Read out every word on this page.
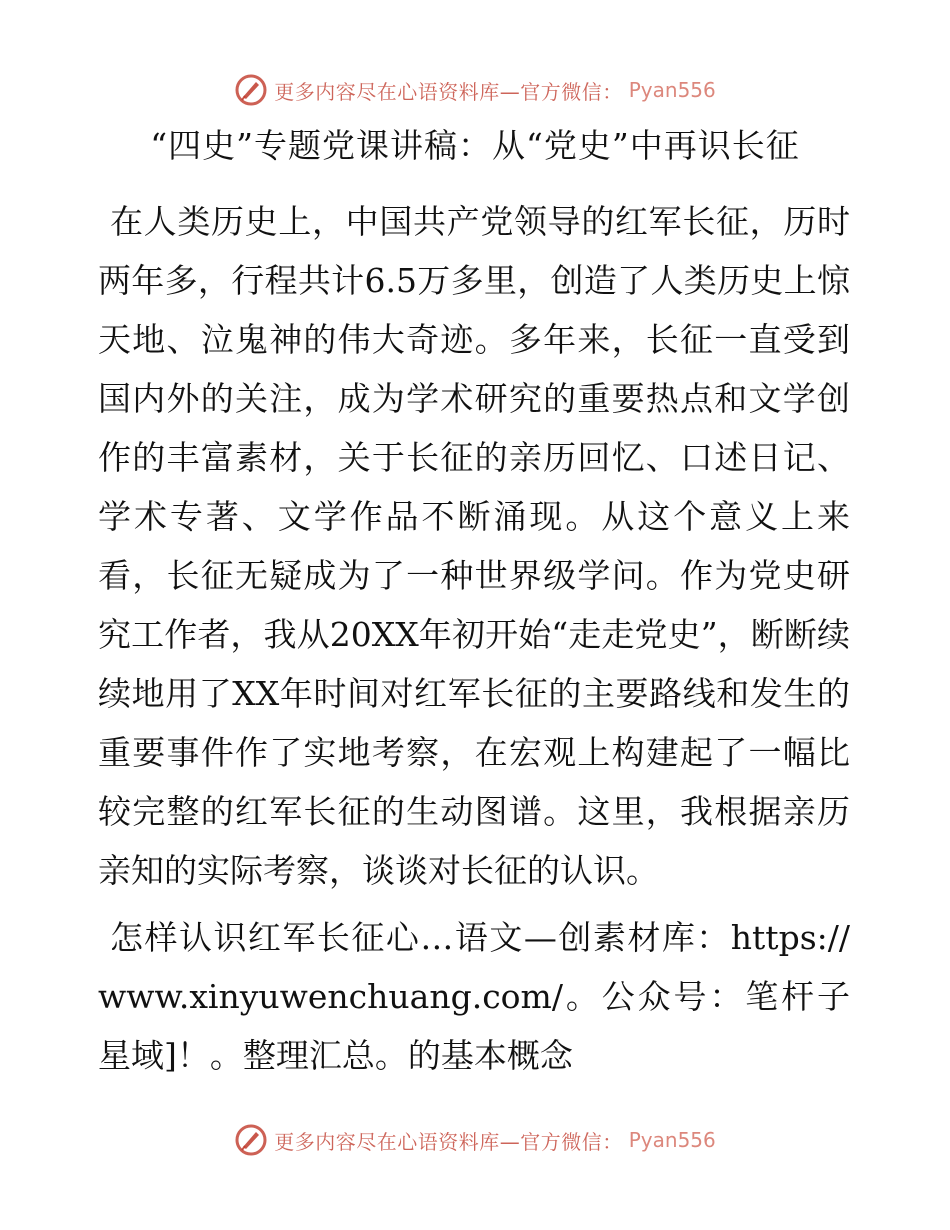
更多内容尽在心语资料库—官方微信： Pyan556
“四史”专题党课讲稿：从“党史”中再识长征
在人类历史上，中国共产党领导的红军长征，历时两年多，行程共计6.5万多里，创造了人类历史上惊天地、泣鬼神的伟大奇迹。多年来，长征一直受到国内外的关注，成为学术研究的重要热点和文学创作的丰富素材，关于长征的亲历回忆、口述日记、学术专著、文学作品不断涌现。从这个意义上来看，长征无疑成为了一种世界级学问。作为党史研究工作者，我从20XX年初开始“走走党史”，断断续续地用了XX年时间对红军长征的主要路线和发生的重要事件作了实地考察，在宏观上构建起了一幅比较完整的红军长征的生动图谱。这里，我根据亲历亲知的实际考察，谈谈对长征的认识。
怎样认识红军长征心…语文—创素材库：https://www.xinyuwenchuang.com/。公众号：笔杆子星域]！。整理汇总。的基本概念
更多内容尽在心语资料库—官方微信： Pyan556
